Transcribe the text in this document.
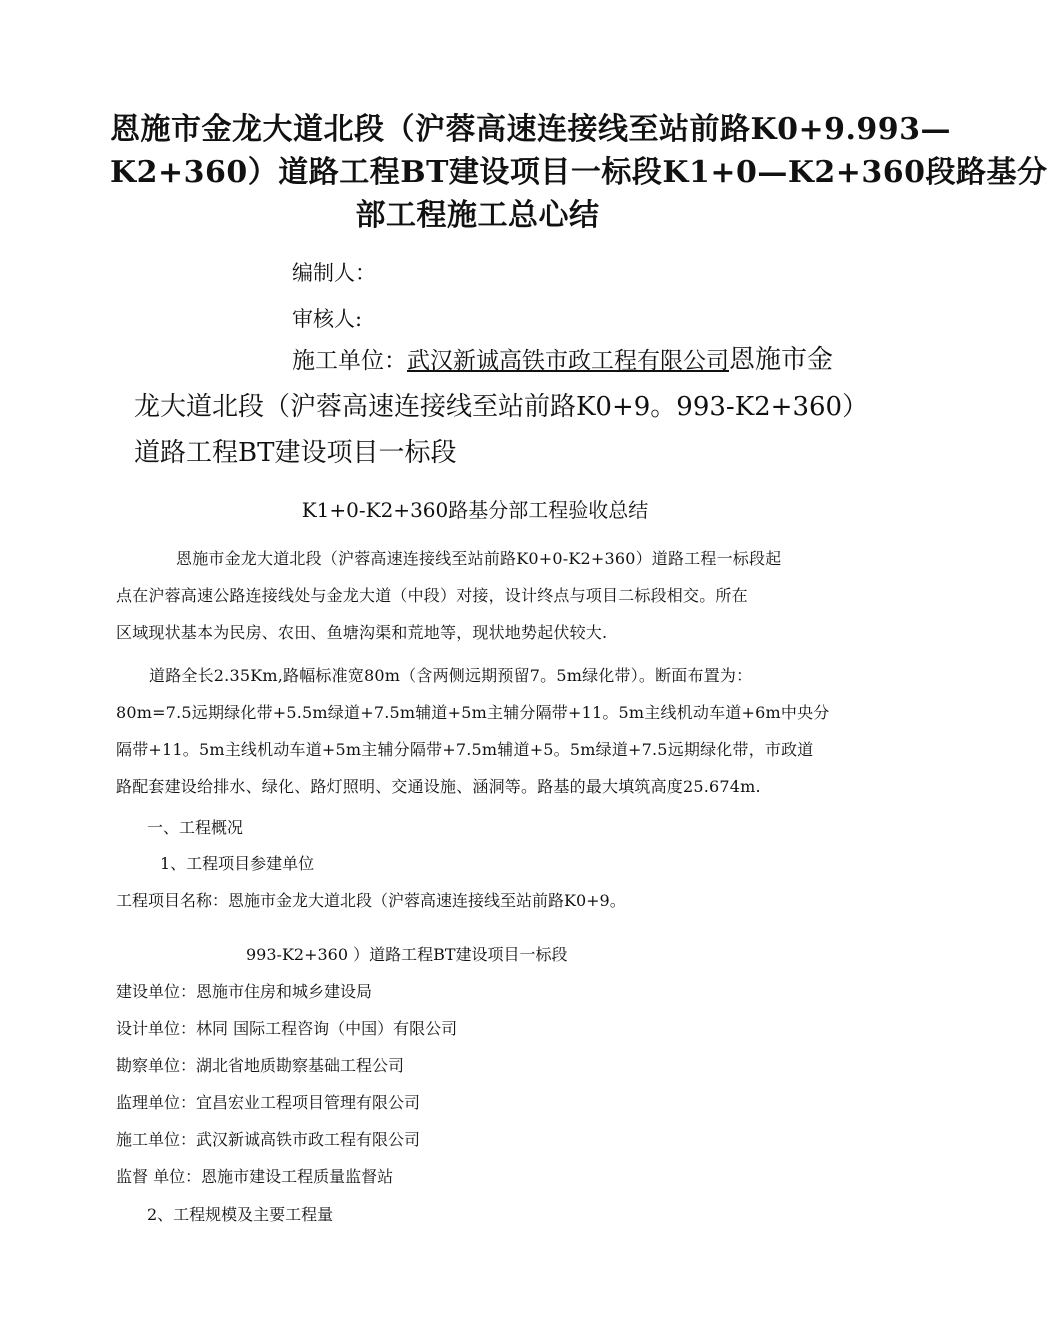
恩施市金龙大道北段（沪蓉高速连接线至站前路K0+9.993—
K2+360）道路工程BT建设项目一标段K1+0—K2+360段路基分
部工程施工总心结
编制人：
审核人:
施工单位：武汉新诚高铁市政工程有限公司恩施市金
龙大道北段（沪蓉高速连接线至站前路K0+9。993-K2+360）
道路工程BT建设项目一标段
K1+0-K2+360路基分部工程验收总结
恩施市金龙大道北段（沪蓉高速连接线至站前路K0+0-K2+360）道路工程一标段起
点在沪蓉高速公路连接线处与金龙大道（中段）对接，设计终点与项目二标段相交。所在
区域现状基本为民房、农田、鱼塘沟渠和荒地等，现状地势起伏较大.
道路全长2.35Km,路幅标准宽80m（含两侧远期预留7。5m绿化带）。断面布置为：
80m=7.5远期绿化带+5.5m绿道+7.5m辅道+5m主辅分隔带+11。5m主线机动车道+6m中央分
隔带+11。5m主线机动车道+5m主辅分隔带+7.5m辅道+5。5m绿道+7.5远期绿化带，市政道
路配套建设给排水、绿化、路灯照明、交通设施、涵洞等。路基的最大填筑高度25.674m.
一、工程概况
1、工程项目参建单位
工程项目名称：恩施市金龙大道北段（沪蓉高速连接线至站前路K0+9。
993-K2+360 ）道路工程BT建设项目一标段
建设单位：恩施市住房和城乡建设局
设计单位：林同 国际工程咨询（中国）有限公司
勘察单位：湖北省地质勘察基础工程公司
监理单位：宜昌宏业工程项目管理有限公司
施工单位：武汉新诚高铁市政工程有限公司
监督 单位：恩施市建设工程质量监督站
2、工程规模及主要工程量
